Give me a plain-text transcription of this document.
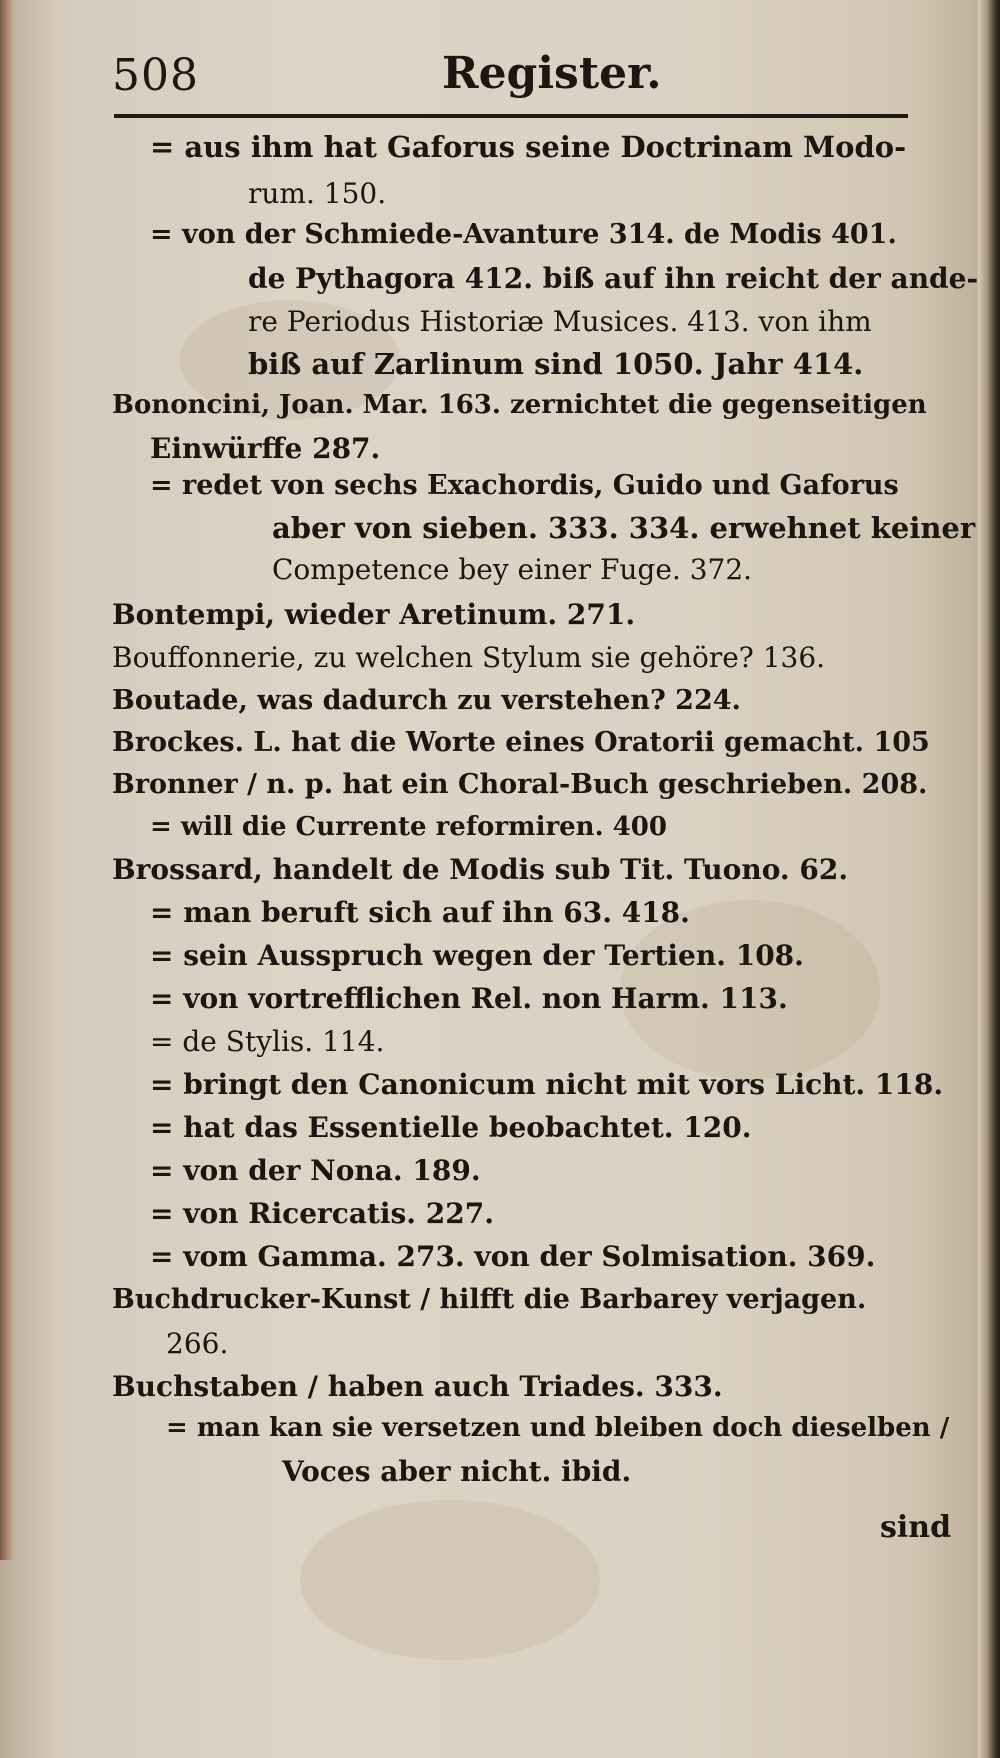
508	Register.
= aus ihm hat Gaforus seine Doctrinam Modo-
rum. 150.
= von der Schmiede-Avanture 314. de Modis 401.
de Pythagora 412. biß auf ihn reicht der ande-
re Periodus Historiæ Musices. 413. von ihm
biß auf Zarlinum sind 1050. Jahr 414.
Bononcini, Joan. Mar. 163. zernichtet die gegenseitigen
Einwürffe 287.
= redet von sechs Exachordis, Guido und Gaforus
aber von sieben. 333. 334. erwehnet keiner
Competence bey einer Fuge. 372.
Bontempi, wieder Aretinum. 271.
Bouffonnerie, zu welchen Stylum sie gehöre? 136.
Boutade, was dadurch zu verstehen? 224.
Brockes. L. hat die Worte eines Oratorii gemacht. 105
Bronner / n. p. hat ein Choral-Buch geschrieben. 208.
= will die Currente reformiren. 400
Brossard, handelt de Modis sub Tit. Tuono. 62.
= man beruft sich auf ihn 63. 418.
= sein Ausspruch wegen der Tertien. 108.
= von vortrefflichen Rel. non Harm. 113.
= de Stylis. 114.
= bringt den Canonicum nicht mit vors Licht. 118.
= hat das Essentielle beobachtet. 120.
= von der Nona. 189.
= von Ricercatis. 227.
= vom Gamma. 273. von der Solmisation. 369.
Buchdrucker-Kunst / hilfft die Barbarey verjagen.
266.
Buchstaben / haben auch Triades. 333.
= man kan sie versetzen und bleiben doch dieselben /
Voces aber nicht. ibid.
sind
